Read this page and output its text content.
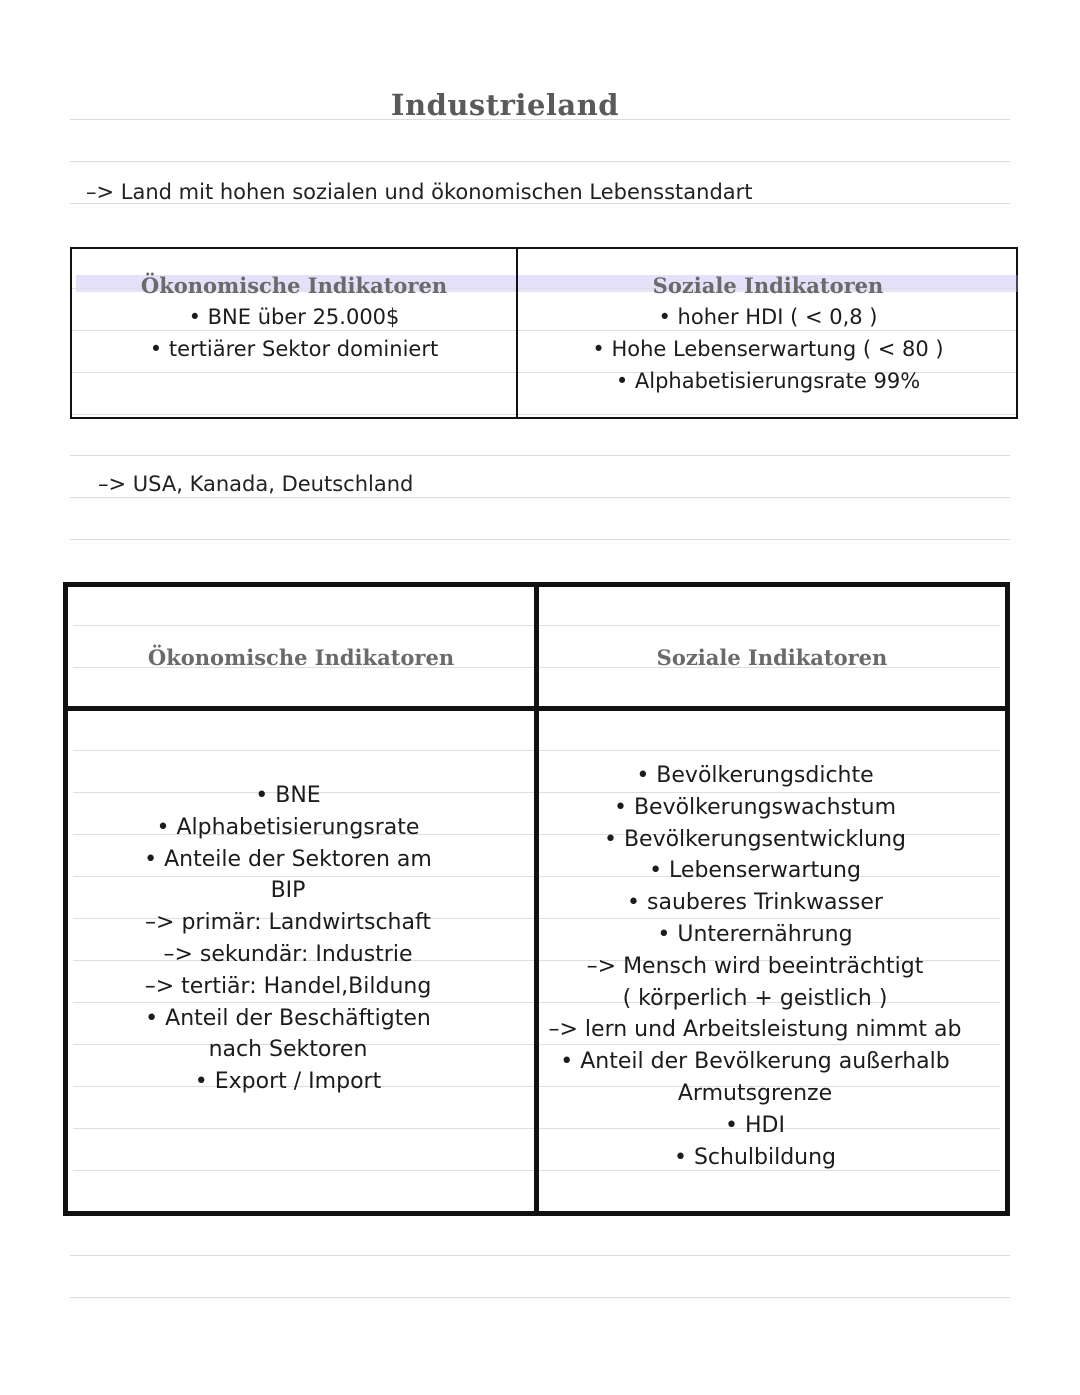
Industrieland
–> Land mit hohen sozialen und ökonomischen Lebensstandart
Ökonomische Indikatoren
• BNE über 25.000$
• tertiärer Sektor dominiert
Soziale Indikatoren
• hoher HDI ( < 0,8 )
• Hohe Lebenserwartung ( < 80 )
• Alphabetisierungsrate 99%
–> USA, Kanada, Deutschland
Ökonomische Indikatoren	Soziale Indikatoren
• BNE
• Alphabetisierungsrate
• Anteile der Sektoren am
BIP
–> primär: Landwirtschaft
–> sekundär: Industrie
–> tertiär: Handel,Bildung
• Anteil der Beschäftigten
nach Sektoren
• Export / Import
• Bevölkerungsdichte
• Bevölkerungswachstum
• Bevölkerungsentwicklung
• Lebenserwartung
• sauberes Trinkwasser
• Unterernährung
–> Mensch wird beeinträchtigt
( körperlich + geistlich )
–> lern und Arbeitsleistung nimmt ab
• Anteil der Bevölkerung außerhalb
Armutsgrenze
• HDI
• Schulbildung
